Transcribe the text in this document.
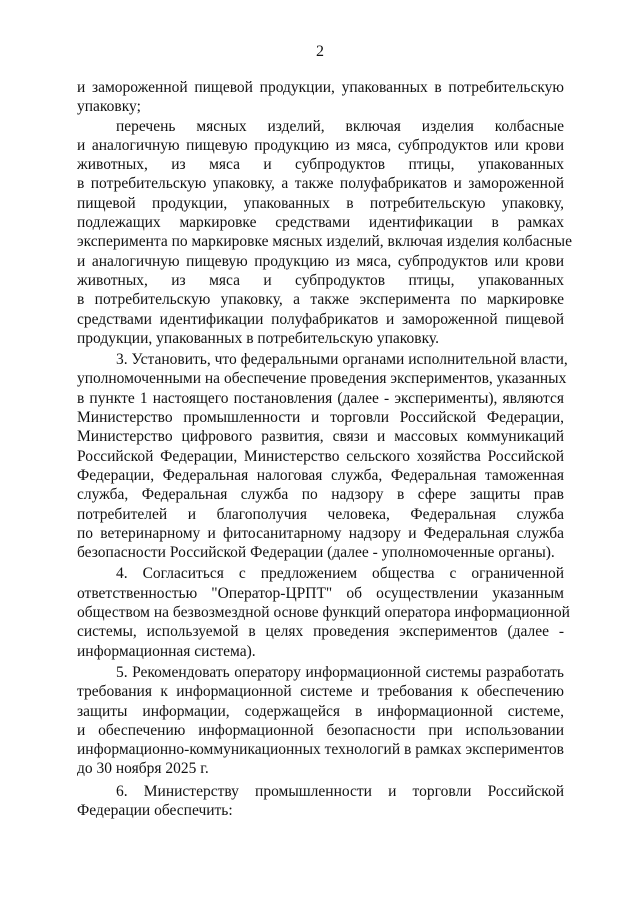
2
и замороженной пищевой продукции, упакованных в потребительскую
упаковку;
перечень мясных изделий, включая изделия колбасные
и аналогичную пищевую продукцию из мяса, субпродуктов или крови
животных, из мяса и субпродуктов птицы, упакованных
в потребительскую упаковку, а также полуфабрикатов и замороженной
пищевой продукции, упакованных в потребительскую упаковку,
подлежащих маркировке средствами идентификации в рамках
эксперимента по маркировке мясных изделий, включая изделия колбасные
и аналогичную пищевую продукцию из мяса, субпродуктов или крови
животных, из мяса и субпродуктов птицы, упакованных
в потребительскую упаковку, а также эксперимента по маркировке
средствами идентификации полуфабрикатов и замороженной пищевой
продукции, упакованных в потребительскую упаковку.
3. Установить, что федеральными органами исполнительной власти,
уполномоченными на обеспечение проведения экспериментов, указанных
в пункте 1 настоящего постановления (далее - эксперименты), являются
Министерство промышленности и торговли Российской Федерации,
Министерство цифрового развития, связи и массовых коммуникаций
Российской Федерации, Министерство сельского хозяйства Российской
Федерации, Федеральная налоговая служба, Федеральная таможенная
служба, Федеральная служба по надзору в сфере защиты прав
потребителей и благополучия человека, Федеральная служба
по ветеринарному и фитосанитарному надзору и Федеральная служба
безопасности Российской Федерации (далее - уполномоченные органы).
4. Согласиться с предложением общества с ограниченной
ответственностью "Оператор-ЦРПТ" об осуществлении указанным
обществом на безвозмездной основе функций оператора информационной
системы, используемой в целях проведения экспериментов (далее -
информационная система).
5. Рекомендовать оператору информационной системы разработать
требования к информационной системе и требования к обеспечению
защиты информации, содержащейся в информационной системе,
и обеспечению информационной безопасности при использовании
информационно-коммуникационных технологий в рамках экспериментов
до 30 ноября 2025 г.
6. Министерству промышленности и торговли Российской
Федерации обеспечить:
